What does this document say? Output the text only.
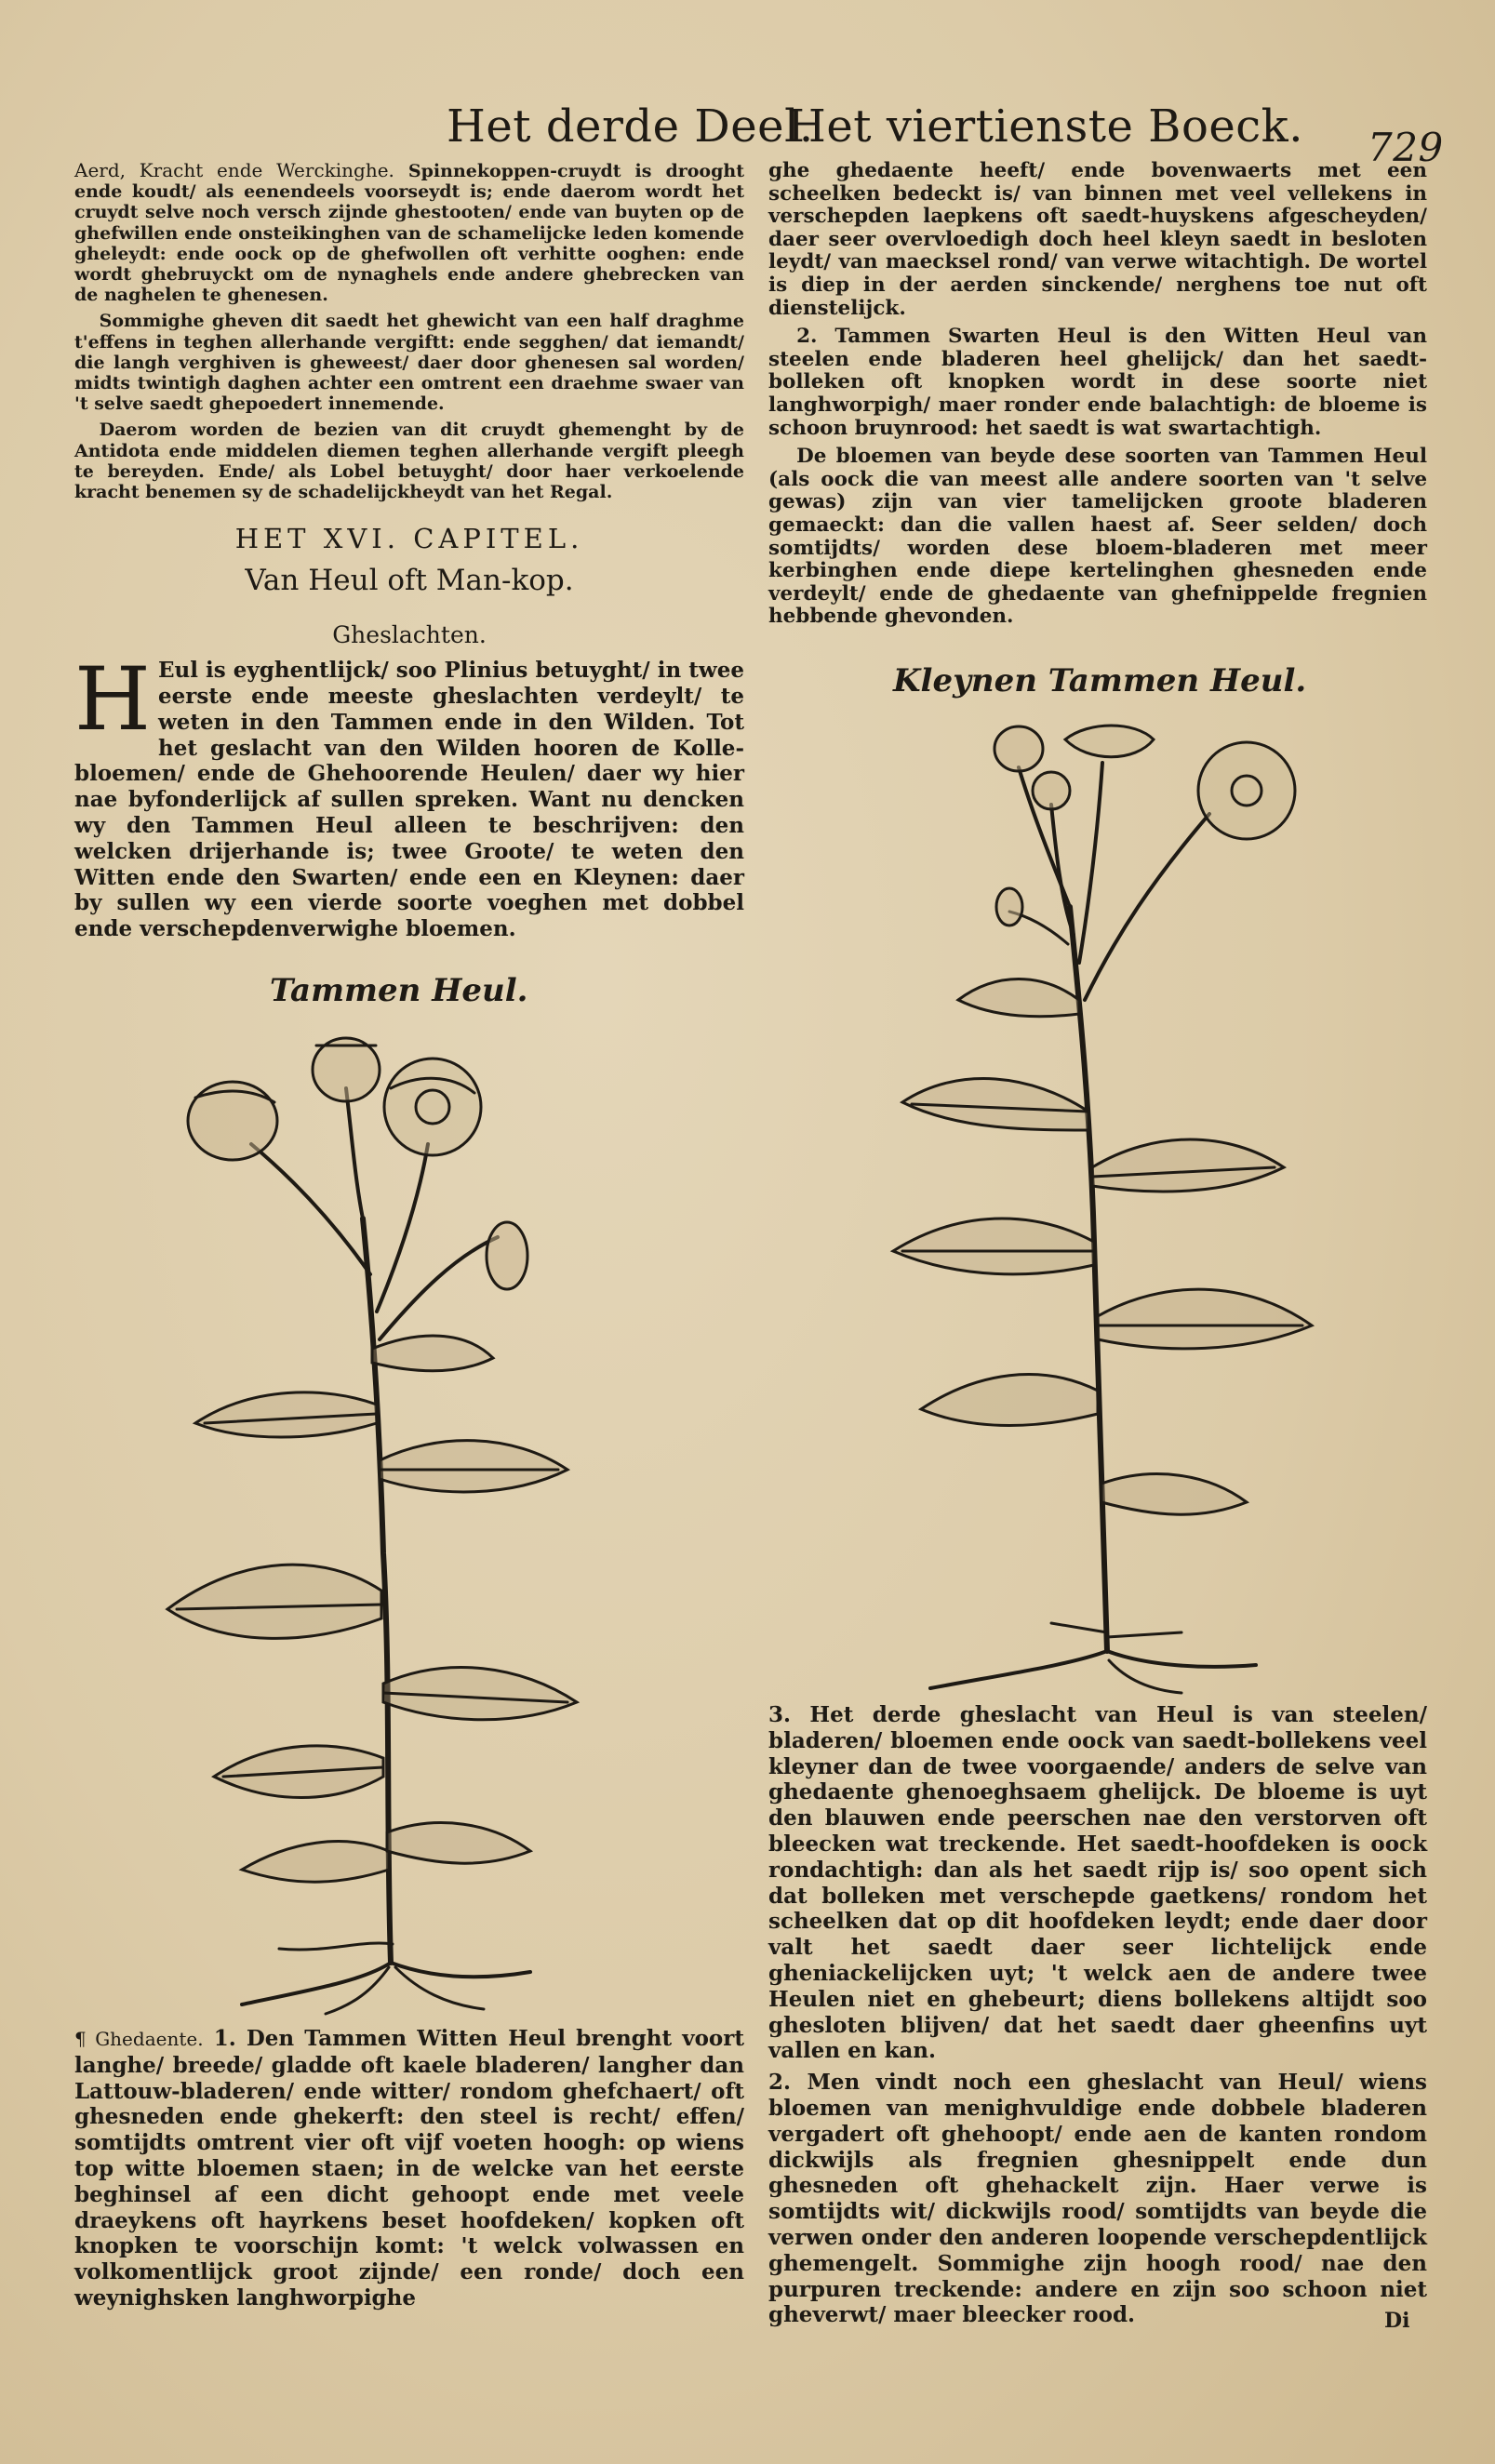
Het derde Deel.
Het viertienste Boeck. 729

Aerd, Kracht ende Werckinghe. Spinnekoppen-cruydt is drooght ende koudt/ als eenendeels voorseydt is; ende daerom wordt het cruydt selve noch versch zijnde ghestooten/ ende van buyten op de ghefwillen ende onsteikinghen van de schamelijcke leden komende gheleydt: ende oock op de ghefwollen oft verhitte ooghen: ende wordt ghebruyckt om de nynaghels ende andere ghebrecken van de naghelen te ghenesen.

Sommighe gheven dit saedt het ghewicht van een half draghme t'effens in teghen allerhande vergiftt: ende segghen/ dat iemandt/ die langh verghiven is gheweest/ daer door ghenesen sal worden/ midts twintigh daghen achter een omtrent een draehme swaer van 't selve saedt ghepoedert innemende.

Daerom worden de bezien van dit cruydt ghemenght by de Antidota ende middelen diemen teghen allerhande vergift pleegh te bereyden. Ende/ als Lobel betuyght/ door haer verkoelende kracht benemen sy de schadelijckheydt van het Regal.

HET XVI. CAPITEL.
Van Heul oft Man-kop.
Gheslachten.

H Eul is eyghentlijck/ soo Plinius betuyght/ in twee eerste ende meeste gheslachten verdeylt/ te weten in den Tammen ende in den Wilden. Tot het geslacht van den Wilden hooren de Kolle-bloemen/ ende de Ghehoorende Heulen/ daer wy hier nae byfonderlijck af sullen spreken. Want nu dencken wy den Tammen Heul alleen te beschrijven: den welcken drijerhande is; twee Groote/ te weten den Witten ende den Swarten/ ende een en Kleynen: daer by sullen wy een vierde soorte voeghen met dobbel ende verschepdenverwighe bloemen.

Tammen Heul.

¶ Ghedaente. 1. Den Tammen Witten Heul brenght voort langhe/ breede/ gladde oft kaele bladeren/ langher dan Lattouw-bladeren/ ende witter/ rondom ghefchaert/ oft ghesneden ende ghekerft: den steel is recht/ effen/ somtijdts omtrent vier oft vijf voeten hoogh: op wiens top witte bloemen staen; in de welcke van het eerste beghinsel af een dicht gehoopt ende met veele draeykens oft hayrkens beset hoofdeken/ kopken oft knopken te voorschijn komt: 't welck volwassen en volkomentlijck groot zijnde/ een ronde/ doch een weynighsken langhworpighe

ghe ghedaente heeft/ ende bovenwaerts met een scheelken bedeckt is/ van binnen met veel vellekens in verschepden laepkens oft saedt-huyskens afgescheyden/ daer seer overvloedigh doch heel kleyn saedt in besloten leydt/ van maecksel rond/ van verwe witachtigh. De wortel is diep in der aerden sinckende/ nerghens toe nut oft dienstelijck.

2. Tammen Swarten Heul is den Witten Heul van steelen ende bladeren heel ghelijck/ dan het saedt-bolleken oft knopken wordt in dese soorte niet langhworpigh/ maer ronder ende balachtigh: de bloeme is schoon bruynrood: het saedt is wat swartachtigh.

De bloemen van beyde dese soorten van Tammen Heul (als oock die van meest alle andere soorten van 't selve gewas) zijn van vier tamelijcken groote bladeren gemaeckt: dan die vallen haest af. Seer selden/ doch somtijdts/ worden dese bloem-bladeren met meer kerbinghen ende diepe kertelinghen ghesneden ende verdeylt/ ende de ghedaente van ghefnippelde fregnien hebbende ghevonden.

Kleynen Tammen Heul.

3. Het derde gheslacht van Heul is van steelen/ bladeren/ bloemen ende oock van saedt-bollekens veel kleyner dan de twee voorgaende/ anders de selve van ghedaente ghenoeghsaem ghelijck. De bloeme is uyt den blauwen ende peerschen nae den verstorven oft bleecken wat treckende. Het saedt-hoofdeken is oock rondachtigh: dan als het saedt rijp is/ soo opent sich dat bolleken met verschepde gaetkens/ rondom het scheelken dat op dit hoofdeken leydt; ende daer door valt het saedt daer seer lichtelijck ende gheniackelijcken uyt; 't welck aen de andere twee Heulen niet en ghebeurt; diens bollekens altijdt soo ghesloten blijven/ dat het saedt daer gheenfins uyt vallen en kan.

2. Men vindt noch een gheslacht van Heul/ wiens bloemen van menighvuldige ende dobbele bladeren vergadert oft ghehoopt/ ende aen de kanten rondom dickwijls als fregnien ghesnippelt ende dun ghesneden oft ghehackelt zijn. Haer verwe is somtijdts wit/ dickwijls rood/ somtijdts van beyde die verwen onder den anderen loopende verschepdentlijck ghemengelt. Sommighe zijn hoogh rood/ nae den purpuren treckende: andere en zijn soo schoon niet gheverwt/ maer bleecker rood.	Di
